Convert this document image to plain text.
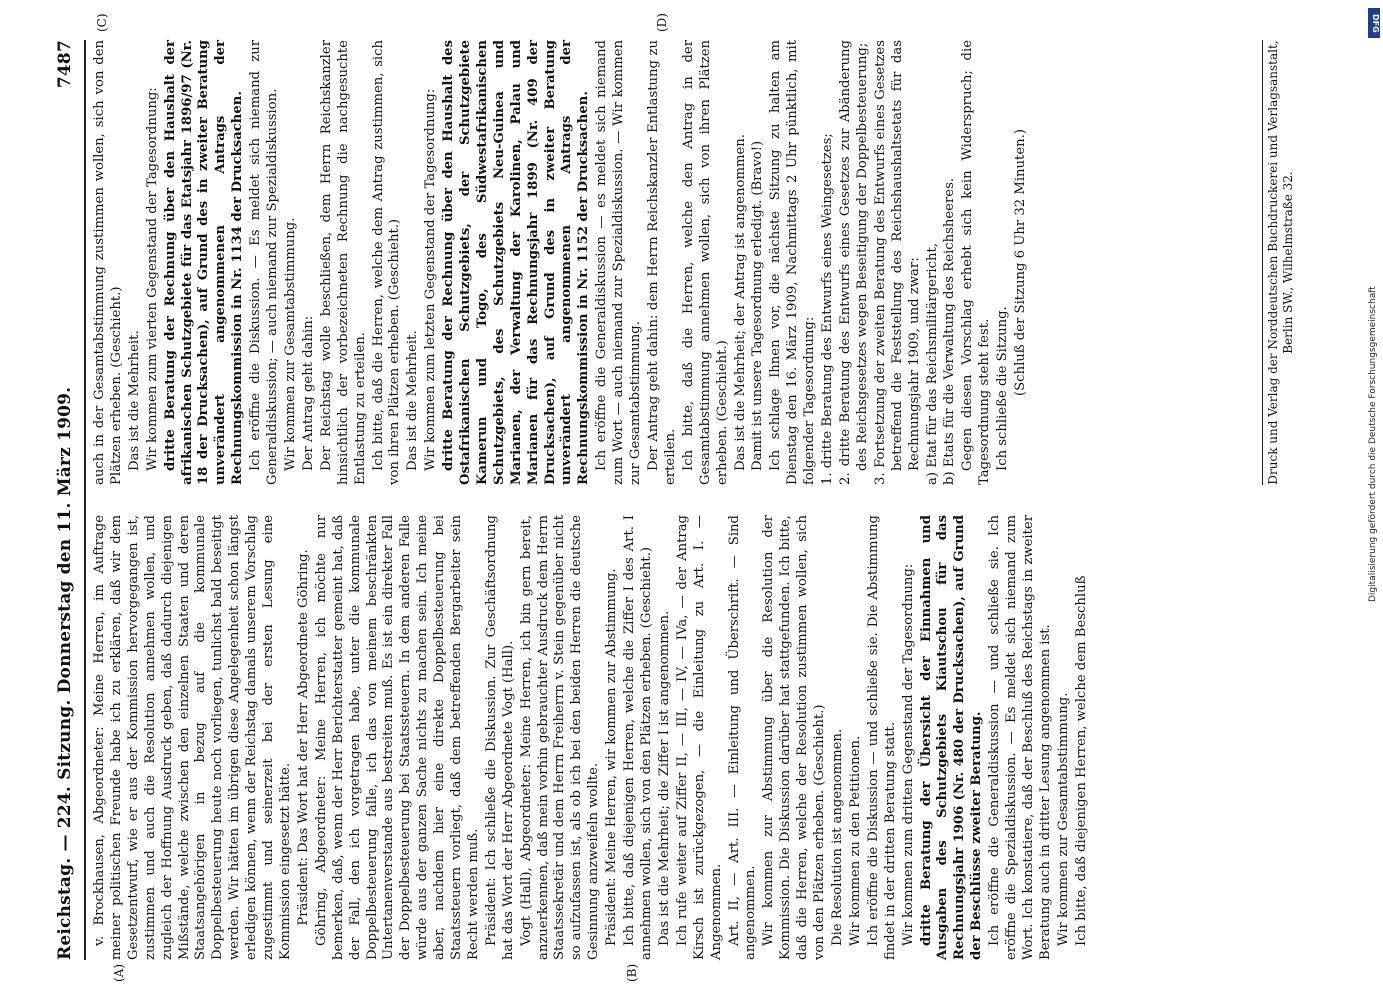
Reichstag. — 224. Sitzung. Donnerstag den 11. März 1909.
7487
(A)	(B)
(C)	(D)

v. Brockhausen, Abgeordneter: Meine Herren, im Auftrage meiner politischen Freunde habe ich zu erklären, daß wir dem Gesetzentwurf, wie er aus der Kommission hervorgegangen ist, zustimmen und auch die Resolution annehmen wollen, und zugleich der Hoffnung Ausdruck geben, daß dadurch diejenigen Mißstände, welche zwischen den einzelnen Staaten und deren Staatsangehörigen in bezug auf die kommunale Doppelbesteuerung heute noch vorliegen, tunlichst bald beseitigt werden. Wir hätten im übrigen diese Angelegenheit schon längst erledigen können, wenn der Reichstag damals unserem Vorschlag zugestimmt und seinerzeit bei der ersten Lesung eine Kommission eingesetzt hätte. Präsident: Das Wort hat der Herr Abgeordnete Göhring. Göhring, Abgeordneter: Meine Herren, ich möchte nur bemerken, daß, wenn der Herr Berichterstatter gemeint hat, daß der Fall, den ich vorgetragen habe, unter die kommunale Doppelbesteuerung falle, ich das von meinem beschränkten Untertanenverstande aus bestreiten muß. Es ist ein direkter Fall der Doppelbesteuerung bei Staatssteuern. In dem anderen Falle würde aus der ganzen Sache nichts zu machen sein. Ich meine aber, nachdem hier eine direkte Doppelbesteuerung bei Staatssteuern vorliegt, daß dem betreffenden Bergarbeiter sein Recht werden muß. Präsident: Ich schließe die Diskussion. Zur Geschäftsordnung hat das Wort der Herr Abgeordnete Vogt (Hall). Vogt (Hall), Abgeordneter: Meine Herren, ich bin gern bereit, anzuerkennen, daß mein vorhin gebrauchter Ausdruck dem Herrn Staatssekretär und dem Herrn Freiherrn v. Stein gegenüber nicht so aufzufassen ist, als ob ich bei den beiden Herren die deutsche Gesinnung anzweifeln wollte. Präsident: Meine Herren, wir kommen zur Abstimmung. Ich bitte, daß diejenigen Herren, welche die Ziffer I des Art. I annehmen wollen, sich von den Plätzen erheben. (Geschieht.) Das ist die Mehrheit; die Ziffer I ist angenommen. Ich rufe weiter auf Ziffer II, — III, — IV, — IVa, — der Antrag Kirsch ist zurückgezogen, — die Einleitung zu Art. I. — Angenommen. Art. II, — Art. III. — Einleitung und Überschrift. — Sind angenommen. Wir kommen zur Abstimmung über die Resolution der Kommission. Die Diskussion darüber hat stattgefunden. Ich bitte, daß die Herren, welche der Resolution zustimmen wollen, sich von den Plätzen erheben. (Geschieht.) Die Resolution ist angenommen. Wir kommen zu den Petitionen. Ich eröffne die Diskussion — und schließe sie. Die Abstimmung findet in der dritten Beratung statt. Wir kommen zum dritten Gegenstand der Tagesordnung: dritte Beratung der Übersicht der Einnahmen und Ausgaben des Schutzgebiets Kiautschou für das Rechnungsjahr 1906 (Nr. 480 der Drucksachen), auf Grund der Beschlüsse zweiter Beratung. Ich eröffne die Generaldiskussion — und schließe sie. Ich eröffne die Spezialdiskussion. — Es meldet sich niemand zum Wort. Ich konstatiere, daß der Beschluß des Reichstags in zweiter Beratung auch in dritter Lesung angenommen ist. Wir kommen zur Gesamtabstimmung. Ich bitte, daß diejenigen Herren, welche dem Beschluß

auch in der Gesamtabstimmung zustimmen wollen, sich von den Plätzen erheben. (Geschieht.) Das ist die Mehrheit. Wir kommen zum vierten Gegenstand der Tagesordnung: dritte Beratung der Rechnung über den Haushalt der afrikanischen Schutzgebiete für das Etatsjahr 1896/97 (Nr. 18 der Drucksachen), auf Grund des in zweiter Beratung unverändert angenommenen Antrags der Rechnungskommission in Nr. 1134 der Drucksachen. Ich eröffne die Diskussion. — Es meldet sich niemand zur Generaldiskussion; — auch niemand zur Spezialdiskussion. Wir kommen zur Gesamtabstimmung. Der Antrag geht dahin: Der Reichstag wolle beschließen, dem Herrn Reichskanzler hinsichtlich der vorbezeichneten Rechnung die nachgesuchte Entlastung zu erteilen. Ich bitte, daß die Herren, welche dem Antrag zustimmen, sich von ihren Plätzen erheben. (Geschieht.) Das ist die Mehrheit. Wir kommen zum letzten Gegenstand der Tagesordnung: dritte Beratung der Rechnung über den Haushalt des Ostafrikanischen Schutzgebiets, der Schutzgebiete Kamerun und Togo, des Südwestafrikanischen Schutzgebiets, des Schutzgebiets Neu-Guinea und Marianen, der Verwaltung der Karolinen, Palau und Marianen für das Rechnungsjahr 1899 (Nr. 409 der Drucksachen), auf Grund des in zweiter Beratung unverändert angenommenen Antrags der Rechnungskommission in Nr. 1152 der Drucksachen. Ich eröffne die Generaldiskussion — es meldet sich niemand zum Wort — auch niemand zur Spezialdiskussion. — Wir kommen zur Gesamtabstimmung. Der Antrag geht dahin: dem Herrn Reichskanzler Entlastung zu erteilen. Ich bitte, daß die Herren, welche den Antrag in der Gesamtabstimmung annehmen wollen, sich von ihren Plätzen erheben. (Geschieht.) Das ist die Mehrheit; der Antrag ist angenommen. Damit ist unsere Tagesordnung erledigt. (Bravo!) Ich schlage Ihnen vor, die nächste Sitzung zu halten am Dienstag den 16. März 1909, Nachmittags 2 Uhr pünktlich, mit folgender Tagesordnung: 1. dritte Beratung des Entwurfs eines Weingesetzes; 2. dritte Beratung des Entwurfs eines Gesetzes zur Abänderung des Reichsgesetzes wegen Beseitigung der Doppelbesteuerung; 3. Fortsetzung der zweiten Beratung des Entwurfs eines Gesetzes betreffend die Feststellung des Reichshaushaltsetats für das Rechnungsjahr 1909, und zwar: a) Etat für das Reichsmilitärgericht, b) Etats für die Verwaltung des Reichsheeres. Gegen diesen Vorschlag erhebt sich kein Widerspruch; die Tagesordnung steht fest. Ich schließe die Sitzung. (Schluß der Sitzung 6 Uhr 32 Minuten.)	Druck und Verlag der Norddeutschen Buchdruckerei und Verlagsanstalt, Berlin SW., Wilhelmstraße 32.
DFG
Digitalisierung gefördert durch die Deutsche Forschungsgemeinschaft
